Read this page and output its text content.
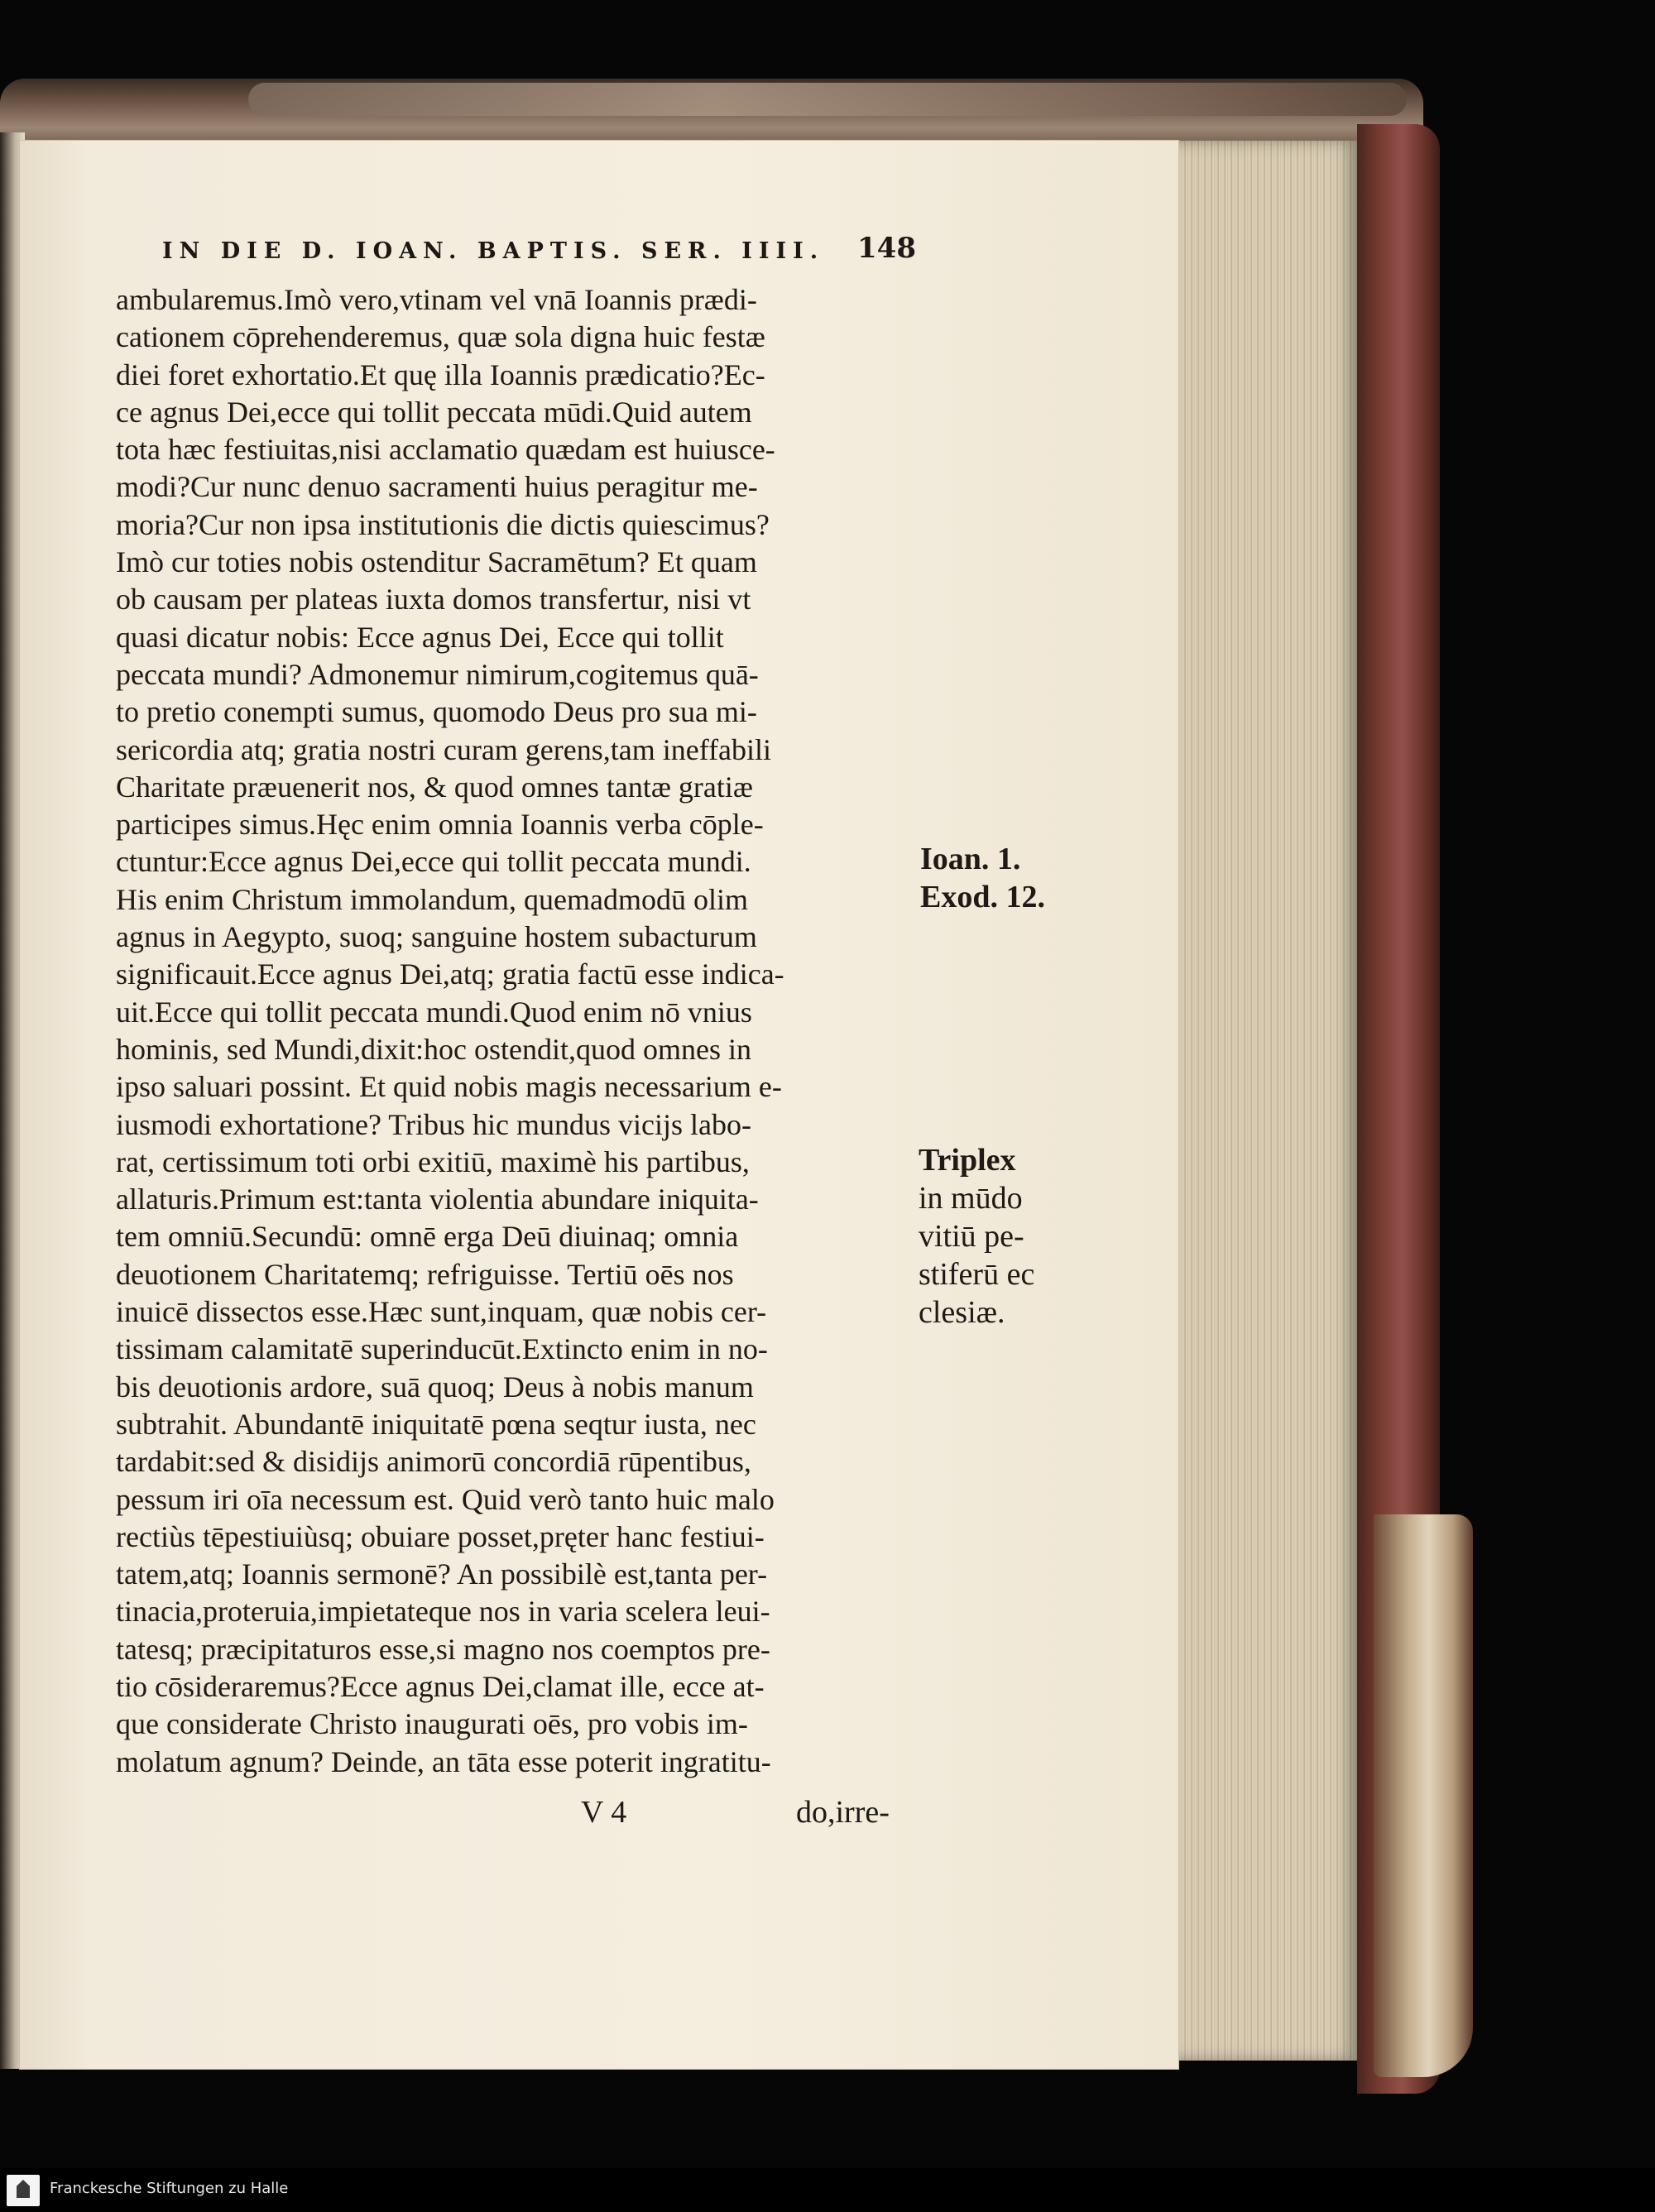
IN DIE D. IOAN. BAPTIS. SER. IIII.	148
ambularemus.Imò vero,vtinam vel vnā Ioannis prædi-
cationem cōprehenderemus, quæ sola digna huic festæ
diei foret exhortatio.Et quę illa Ioannis prædicatio?Ec-
ce agnus Dei,ecce qui tollit peccata mūdi.Quid autem
tota hæc festiuitas,nisi acclamatio quædam est huiusce-
modi?Cur nunc denuo sacramenti huius peragitur me-
moria?Cur non ipsa institutionis die dictis quiescimus?
Imò cur toties nobis ostenditur Sacramētum? Et quam
ob causam per plateas iuxta domos transfertur, nisi vt
quasi dicatur nobis: Ecce agnus Dei, Ecce qui tollit
peccata mundi? Admonemur nimirum,cogitemus quā-
to pretio conempti sumus, quomodo Deus pro sua mi-
sericordia atq; gratia nostri curam gerens,tam ineffabili
Charitate præuenerit nos, & quod omnes tantæ gratiæ
participes simus.Hęc enim omnia Ioannis verba cōple-
ctuntur:Ecce agnus Dei,ecce qui tollit peccata mundi.
His enim Christum immolandum, quemadmodū olim
agnus in Aegypto, suoq; sanguine hostem subacturum
significauit.Ecce agnus Dei,atq; gratia factū esse indica-
uit.Ecce qui tollit peccata mundi.Quod enim nō vnius
hominis, sed Mundi,dixit:hoc ostendit,quod omnes in
ipso saluari possint. Et quid nobis magis necessarium e-
iusmodi exhortatione? Tribus hic mundus vicijs labo-
rat, certissimum toti orbi exitiū, maximè his partibus,
allaturis.Primum est:tanta violentia abundare iniquita-
tem omniū.Secundū: omnē erga Deū diuinaq; omnia
deuotionem Charitatemq; refriguisse. Tertiū oēs nos
inuicē dissectos esse.Hæc sunt,inquam, quæ nobis cer-
tissimam calamitatē superinducūt.Extincto enim in no-
bis deuotionis ardore, suā quoq; Deus à nobis manum
subtrahit. Abundantē iniquitatē pœna seqtur iusta, nec
tardabit:sed & disidijs animorū concordiā rūpentibus,
pessum iri oīa necessum est. Quid verò tanto huic malo
rectiùs tēpestiuiùsq; obuiare posset,pręter hanc festiui-
tatem,atq; Ioannis sermonē? An possibilè est,tanta per-
tinacia,proteruia,impietateque nos in varia scelera leui-
tatesq; præcipitaturos esse,si magno nos coemptos pre-
tio cōsideraremus?Ecce agnus Dei,clamat ille, ecce at-
que considerate Christo inaugurati oēs, pro vobis im-
molatum agnum? Deinde, an tāta esse poterit ingratitu-
Ioan. 1.
Exod. 12.
Triplex
in mūdo
vitiū pe-
stiferū ec
clesiæ.
V 4	do,irre-
Franckesche Stiftungen zu Halle
